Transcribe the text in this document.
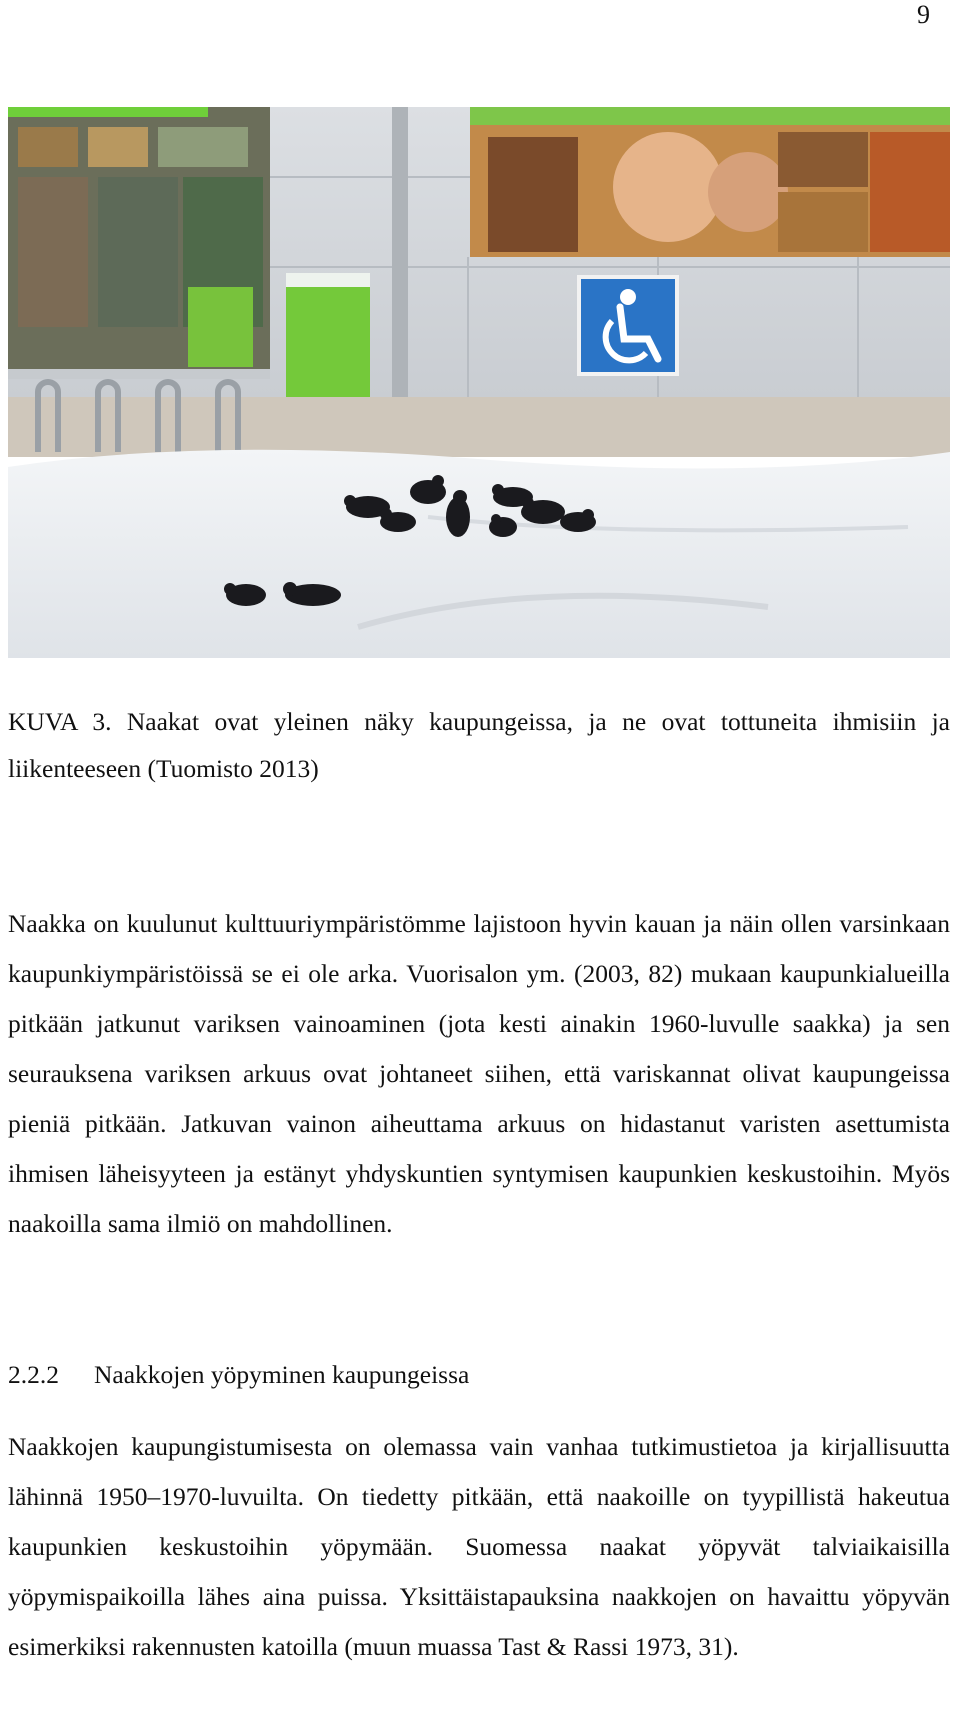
9
KUVA 3. Naakat ovat yleinen näky kaupungeissa, ja ne ovat tottuneita ihmisiin ja liikenteeseen (Tuomisto 2013)

Naakka on kuulunut kulttuuriympäristömme lajistoon hyvin kauan ja näin ollen varsinkaan kaupunkiympäristöissä se ei ole arka. Vuorisalon ym. (2003, 82) mukaan kaupunkialueilla pitkään jatkunut variksen vainoaminen (jota kesti ainakin 1960-luvulle saakka) ja sen seurauksena variksen arkuus ovat johtaneet siihen, että variskannat olivat kaupungeissa pieniä pitkään. Jatkuvan vainon aiheuttama arkuus on hidastanut varisten asettumista ihmisen läheisyyteen ja estänyt yhdyskuntien syntymisen kaupunkien keskustoihin. Myös naakoilla sama ilmiö on mahdollinen.

2.2.2 Naakkojen yöpyminen kaupungeissa

Naakkojen kaupungistumisesta on olemassa vain vanhaa tutkimustietoa ja kirjallisuutta lähinnä 1950–1970-luvuilta. On tiedetty pitkään, että naakoille on tyypillistä hakeutua kaupunkien keskustoihin yöpymään. Suomessa naakat yöpyvät talviaikaisilla yöpymispaikoilla lähes aina puissa. Yksittäistapauksina naakkojen on havaittu yöpyvän esimerkiksi rakennusten katoilla (muun muassa Tast & Rassi 1973, 31).
